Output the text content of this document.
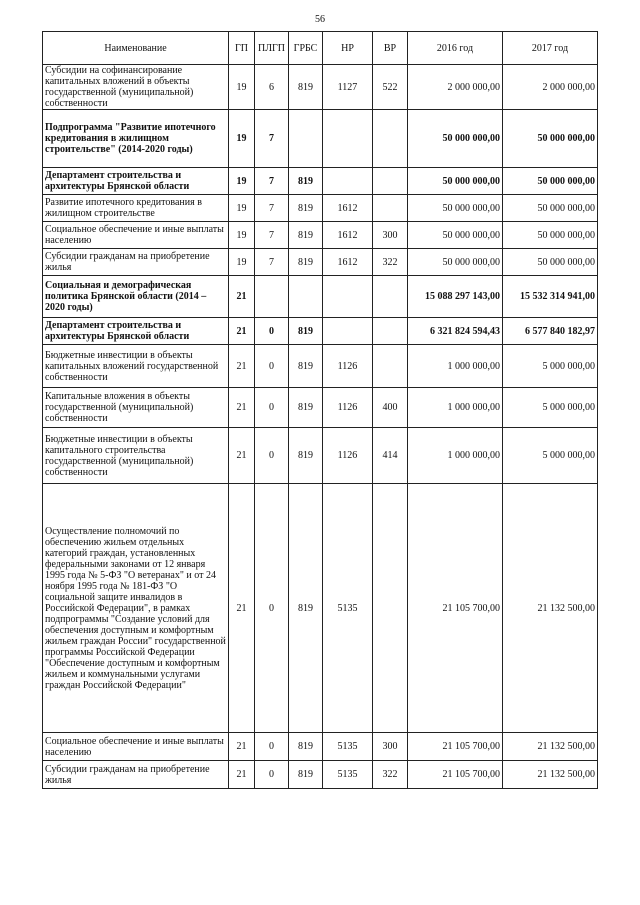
56
Наименование	ГП	ПЛГП	ГРБС	НР	ВР	2016 год	2017 год
Субсидии на софинансирование капитальных вложений в объекты государственной (муниципальной) собственности	19	6	819	1127	522	2 000 000,00	2 000 000,00
Подпрограмма "Развитие ипотечного кредитования в жилищном строительстве" (2014-2020 годы)	19	7				50 000 000,00	50 000 000,00
Департамент строительства и архитектуры Брянской области	19	7	819			50 000 000,00	50 000 000,00
Развитие ипотечного кредитования в жилищном строительстве	19	7	819	1612		50 000 000,00	50 000 000,00
Социальное обеспечение и иные выплаты населению	19	7	819	1612	300	50 000 000,00	50 000 000,00
Субсидии гражданам на приобретение жилья	19	7	819	1612	322	50 000 000,00	50 000 000,00
Социальная и демографическая политика Брянской области (2014 – 2020 годы)	21					15 088 297 143,00	15 532 314 941,00
Департамент строительства и архитектуры Брянской области	21	0	819			6 321 824 594,43	6 577 840 182,97
Бюджетные инвестиции в объекты капитальных вложений государственной собственности	21	0	819	1126		1 000 000,00	5 000 000,00
Капитальные вложения в объекты государственной (муниципальной) собственности	21	0	819	1126	400	1 000 000,00	5 000 000,00
Бюджетные инвестиции в объекты капитального строительства государственной (муниципальной) собственности	21	0	819	1126	414	1 000 000,00	5 000 000,00
Осуществление полномочий по обеспечению жильем отдельных категорий граждан, установленных федеральными законами от 12 января 1995 года № 5-ФЗ "О ветеранах" и от 24 ноября 1995 года № 181-ФЗ "О социальной защите инвалидов в Российской Федерации", в рамках подпрограммы "Создание условий для обеспечения доступным и комфортным жильем граждан России" государственной программы Российской Федерации "Обеспечение доступным и комфортным жильем и коммунальными услугами граждан Российской Федерации"	21	0	819	5135		21 105 700,00	21 132 500,00
Социальное обеспечение и иные выплаты населению	21	0	819	5135	300	21 105 700,00	21 132 500,00
Субсидии гражданам на приобретение жилья	21	0	819	5135	322	21 105 700,00	21 132 500,00
